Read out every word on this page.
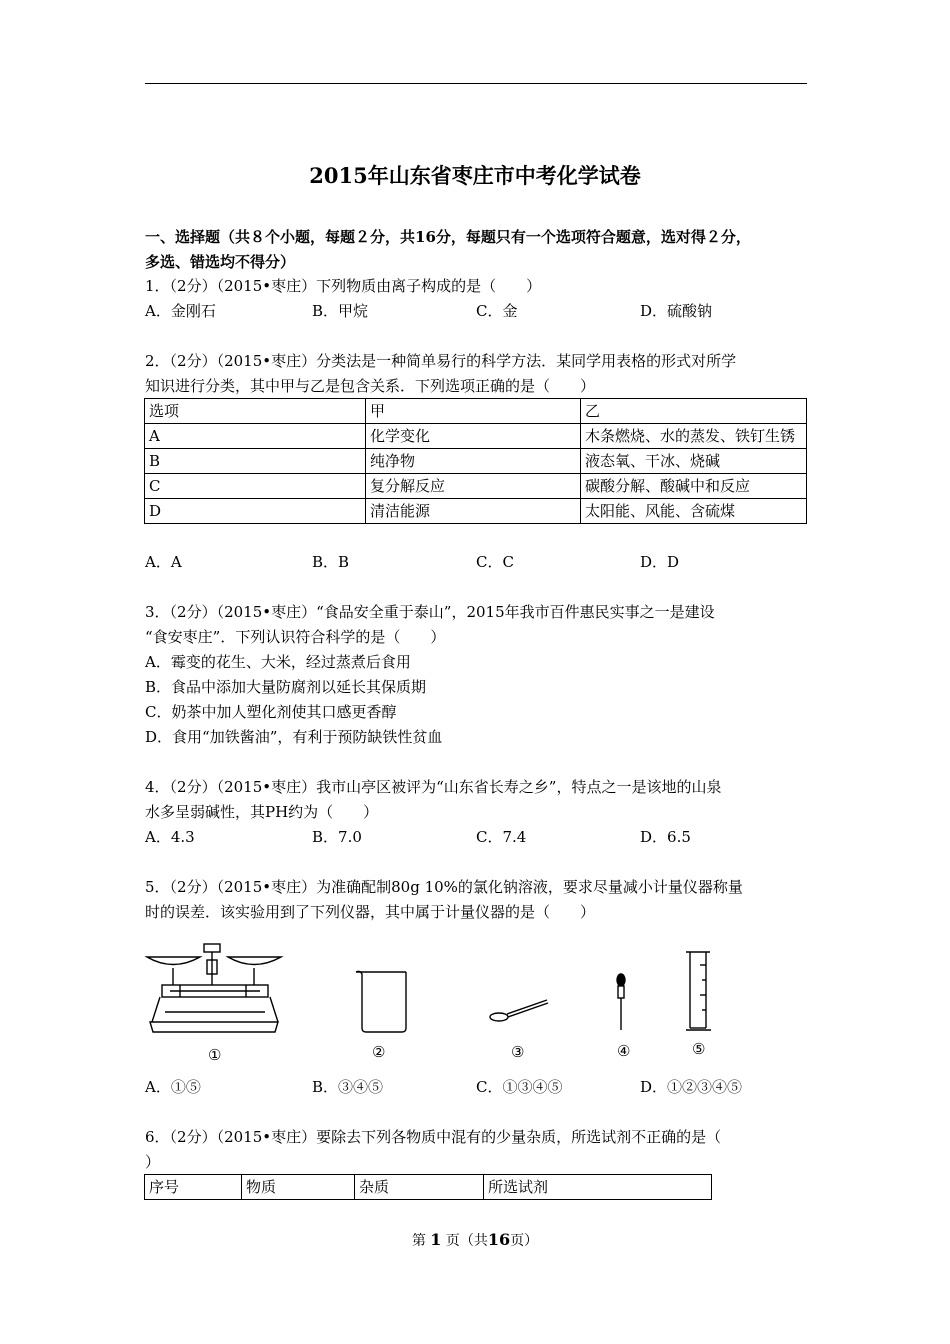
2015年山东省枣庄市中考化学试卷
一、选择题（共８个小题，每题２分，共16分，每题只有一个选项符合题意，选对得２分，
多选、错选均不得分）
1．（2分）（2015•枣庄）下列物质由离子构成的是（　　）
A．金刚石	B．甲烷	C．金	D．硫酸钠
2．（2分）（2015•枣庄）分类法是一种简单易行的科学方法．某同学用表格的形式对所学
知识进行分类，其中甲与乙是包含关系．下列选项正确的是（　　）
选项	甲	乙
A	化学变化	木条燃烧、水的蒸发、铁钉生锈
B	纯净物	液态氧、干冰、烧碱
C	复分解反应	碳酸分解、酸碱中和反应
D	清洁能源	太阳能、风能、含硫煤
A．A	B．B	C．C	D．D
3．（2分）（2015•枣庄）“食品安全重于泰山”，2015年我市百件惠民实事之一是建设
“食安枣庄”．下列认识符合科学的是（　　）
A．霉变的花生、大米，经过蒸煮后食用
B．食品中添加大量防腐剂以延长其保质期
C．奶茶中加人塑化剂使其口感更香醇
D．食用“加铁酱油”，有利于预防缺铁性贫血
4．（2分）（2015•枣庄）我市山亭区被评为“山东省长寿之乡”，特点之一是该地的山泉
水多呈弱碱性，其PH约为（　　）
A．4.3	B．7.0	C．7.4	D．6.5
5．（2分）（2015•枣庄）为准确配制80g 10%的氯化钠溶液，要求尽量减小计量仪器称量
时的误差．该实验用到了下列仪器，其中属于计量仪器的是（　　）
①	②	③	④	⑤
A．①⑤	B．③④⑤	C．①③④⑤	D．①②③④⑤
6．（2分）（2015•枣庄）要除去下列各物质中混有的少量杂质，所选试剂不正确的是（
）
序号	物质	杂质	所选试剂
第 1 页（共16页）
